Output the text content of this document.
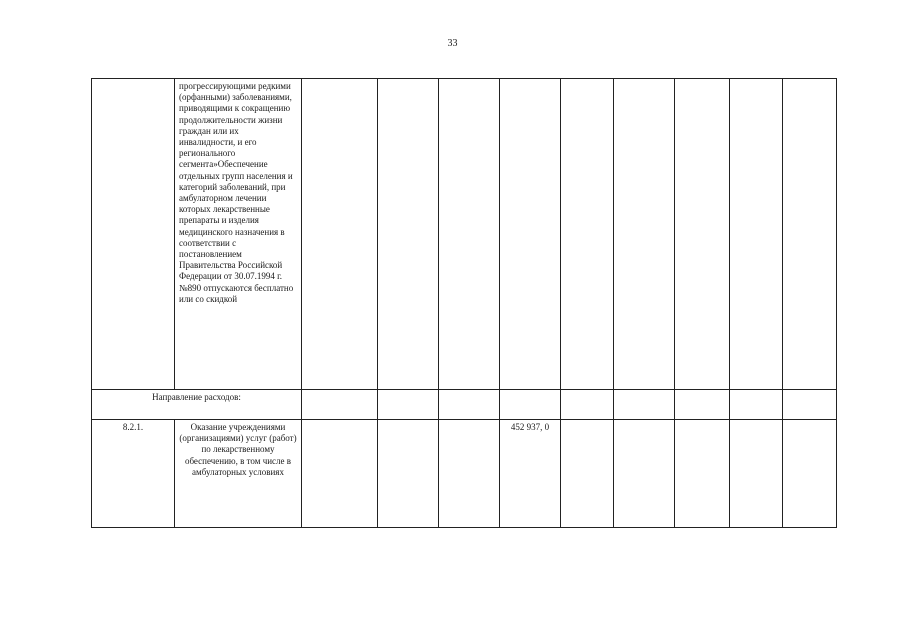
33
	прогрессирующими редкими (орфанными) заболеваниями, приводящими к сокращению продолжительности жизни граждан или их инвалидности, и его регионального сегмента»Обеспечение отдельных групп населения и категорий заболеваний, при амбулаторном лечении которых лекарственные препараты и изделия медицинского назначения в соответствии с постановлением Правительства Российской Федерации от 30.07.1994 г. №890 отпускаются бесплатно или со скидкой									
Направление расходов:										
8.2.1.	Оказание учреждениями (организациями) услуг (работ) по лекарственному обеспечению, в том числе в амбулаторных условиях				452 937, 0					
